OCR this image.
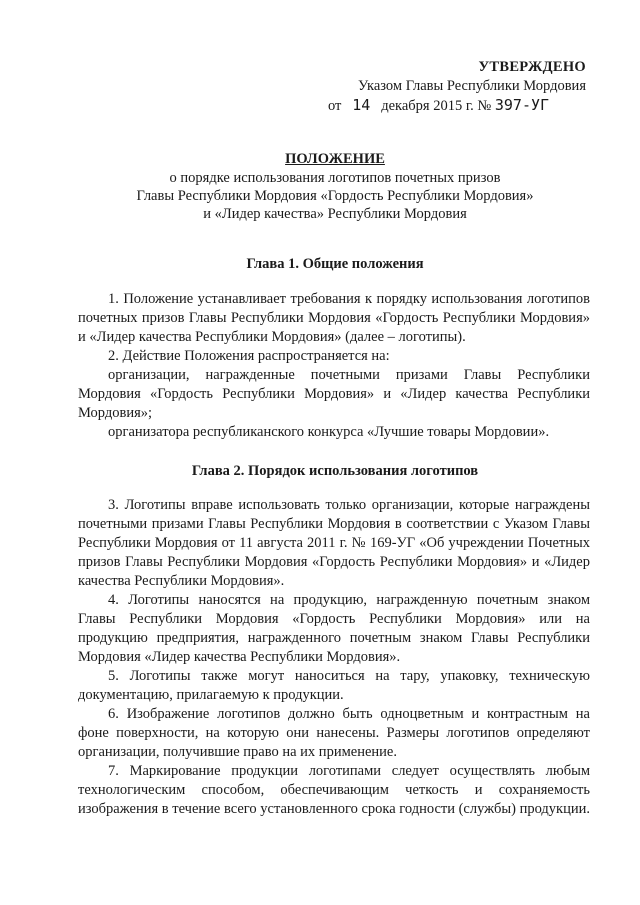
УТВЕРЖДЕНО
Указом Главы Республики Мордовия
от 14 декабря 2015 г. № 397-УГ
ПОЛОЖЕНИЕ
о порядке использования логотипов почетных призов
Главы Республики Мордовия «Гордость Республики Мордовия»
и «Лидер качества» Республики Мордовия
Глава 1. Общие положения

1. Положение устанавливает требования к порядку использования логотипов почетных призов Главы Республики Мордовия «Гордость Республики Мордовия» и «Лидер качества Республики Мордовия» (далее – логотипы).

2. Действие Положения распространяется на:

организации, награжденные почетными призами Главы Республики Мордовия «Гордость Республики Мордовия» и «Лидер качества Республики Мордовия»;

организатора республиканского конкурса «Лучшие товары Мордовии».

Глава 2. Порядок использования логотипов

3. Логотипы вправе использовать только организации, которые награждены почетными призами Главы Республики Мордовия в соответствии с Указом Главы Республики Мордовия от 11 августа 2011 г. № 169-УГ «Об учреждении Почетных призов Главы Республики Мордовия «Гордость Республики Мордовия» и «Лидер качества Республики Мордовия».

4. Логотипы наносятся на продукцию, награжденную почетным знаком Главы Республики Мордовия «Гордость Республики Мордовия» или на продукцию предприятия, награжденного почетным знаком Главы Республики Мордовия «Лидер качества Республики Мордовия».

5. Логотипы также могут наноситься на тару, упаковку, техническую документацию, прилагаемую к продукции.

6. Изображение логотипов должно быть одноцветным и контрастным на фоне поверхности, на которую они нанесены. Размеры логотипов определяют организации, получившие право на их применение.

7. Маркирование продукции логотипами следует осуществлять любым технологическим способом, обеспечивающим четкость и сохраняемость изображения в течение всего установленного срока годности (службы) продукции.
